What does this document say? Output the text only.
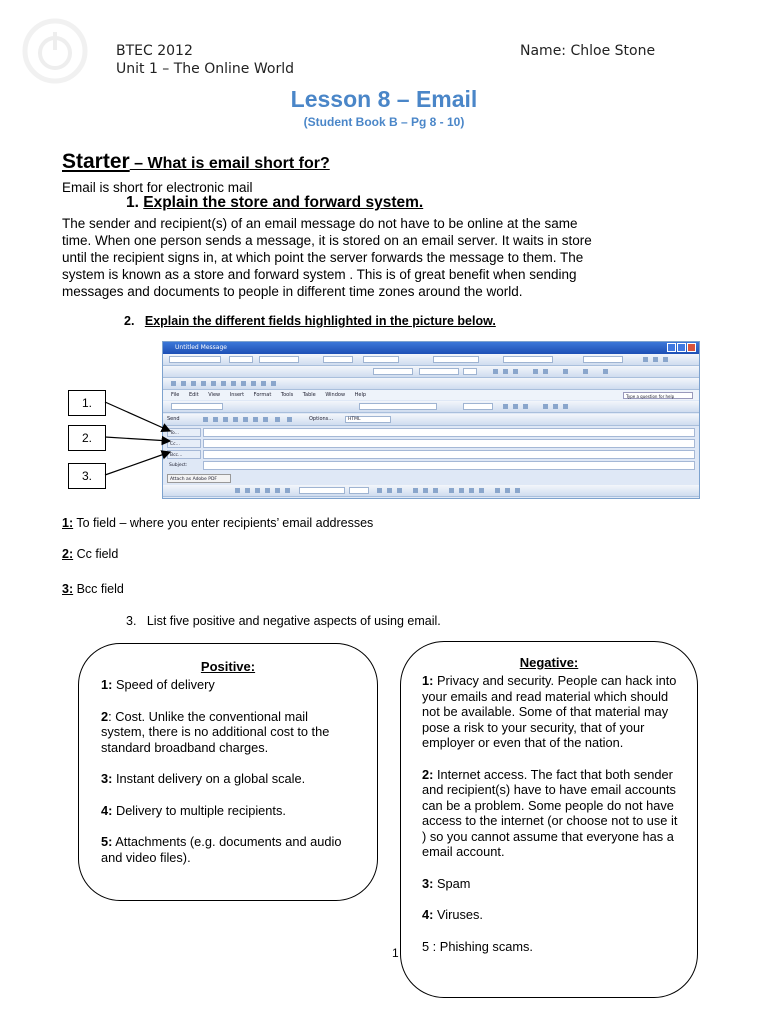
BTEC 2012
Unit 1 – The Online World
Name: Chloe Stone
Lesson 8 – Email
(Student Book B – Pg 8 - 10)
Starter – What is email short for?
Email is short for electronic mail
1. Explain the store and forward system.
The sender and recipient(s) of an email message do not have to be online at the same
time. When one person sends a message, it is stored on an email server. It waits in store
until the recipient signs in, at which point the server forwards the message to them. The
system is known as a store and forward system . This is of great benefit when sending
messages and documents to people in different time zones around the world.
2. Explain the different fields highlighted in the picture below.
1.
2.
3.
Untitled Message
File Edit View Insert Format Tools Table Window Help	Type a question for help
Send	Options...	HTML
To...
Cc...
Bcc...
Subject:
Attach as Adobe PDF
1: To field – where you enter recipients’ email addresses
2: Cc field
3: Bcc field
3. List five positive and negative aspects of using email.
Positive:
1: Speed of delivery
2: Cost. Unlike the conventional mail system, there is no additional cost to the standard broadband charges.
3: Instant delivery on a global scale.
4: Delivery to multiple recipients.
5: Attachments (e.g. documents and audio and video files).
1
Negative:
1: Privacy and security. People can hack into your emails and read material which should not be available. Some of that material may pose a risk to your security, that of your employer or even that of the nation.
2: Internet access. The fact that both sender and recipient(s) have to have email accounts can be a problem. Some people do not have access to the internet (or choose not to use it ) so you cannot assume that everyone has a email account.
3: Spam
4: Viruses.
5 : Phishing scams.
